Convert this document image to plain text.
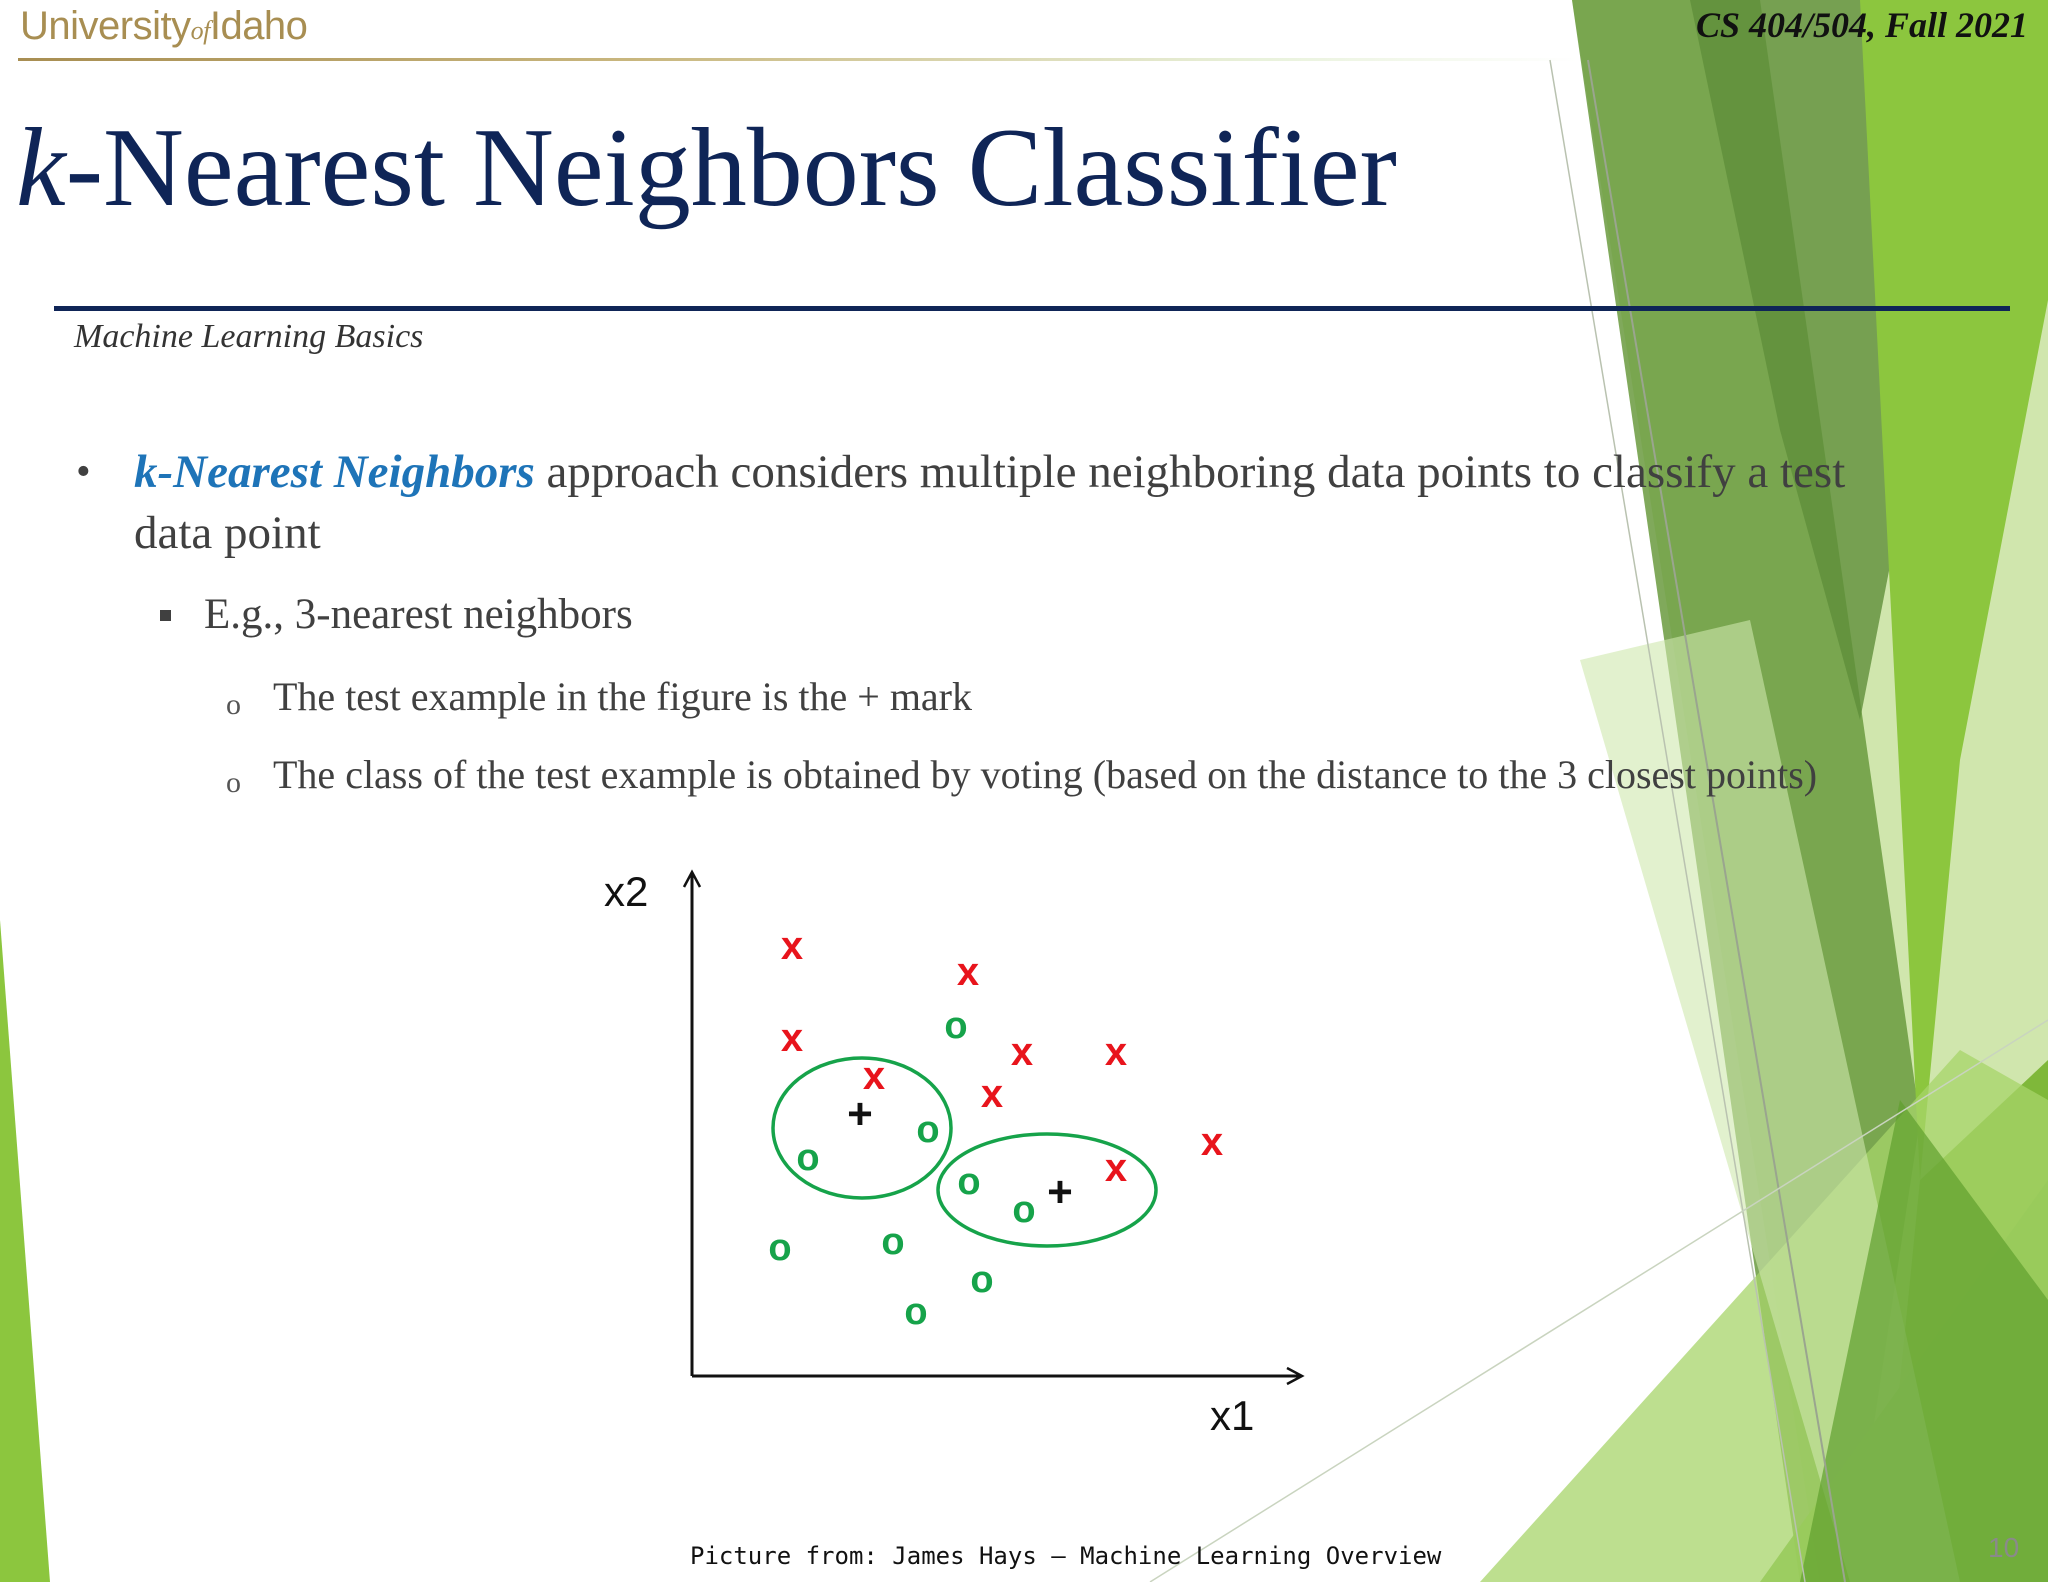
UniversityofIdaho	CS 404/504, Fall 2021
k-Nearest Neighbors Classifier
Machine Learning Basics
• k-Nearest Neighbors approach considers multiple neighboring data points to classify a test data point
E.g., 3-nearest neighbors
o The test example in the figure is the + mark
o The class of the test example is obtained by voting (based on the distance to the 3 closest points)
x2
x1
x
x
x	x x
x x
x
x
o
o
o
o
o
o o
o
o
+
+
Picture from: James Hays – Machine Learning Overview	10
